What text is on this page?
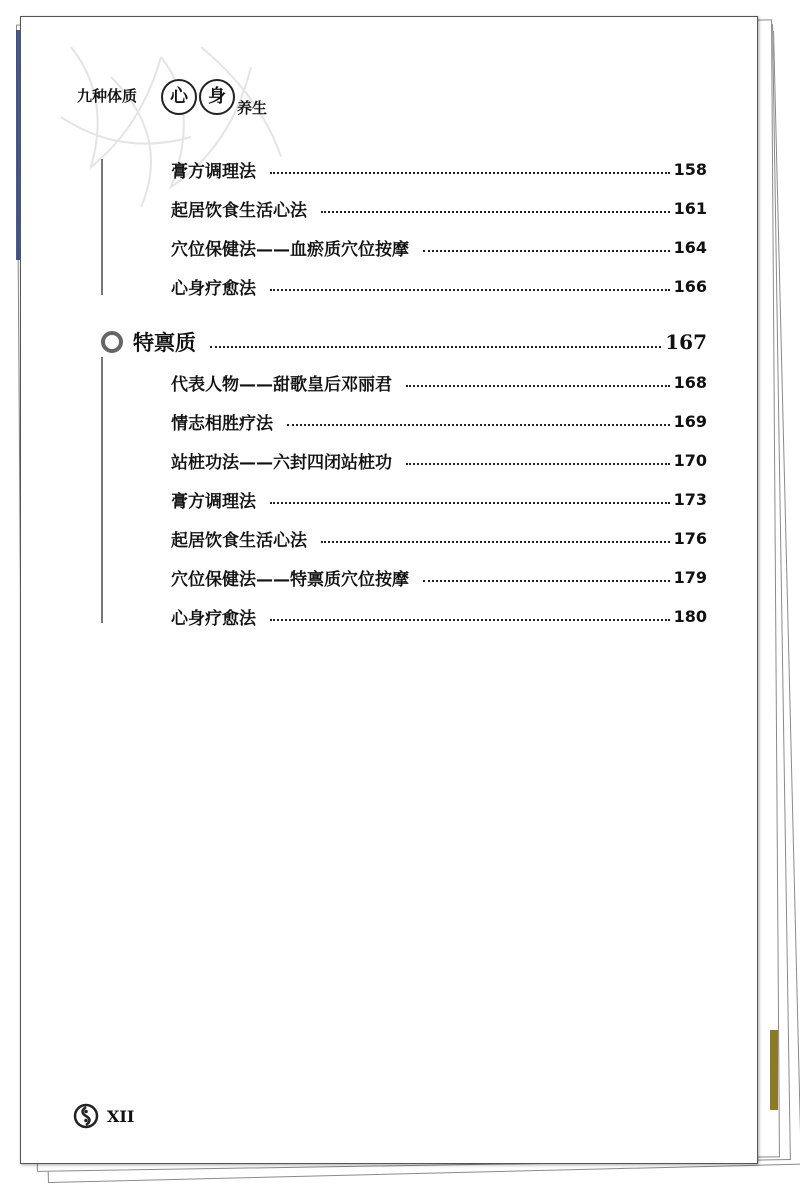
九种体质	心	身
养生
膏方调理法	158
起居饮食生活心法	161
穴位保健法——血瘀质穴位按摩	164
心身疗愈法	166
特禀质	167
代表人物——甜歌皇后邓丽君	168
情志相胜疗法	169
站桩功法——六封四闭站桩功	170
膏方调理法	173
起居饮食生活心法	176
穴位保健法——特禀质穴位按摩	179
心身疗愈法	180
XII
